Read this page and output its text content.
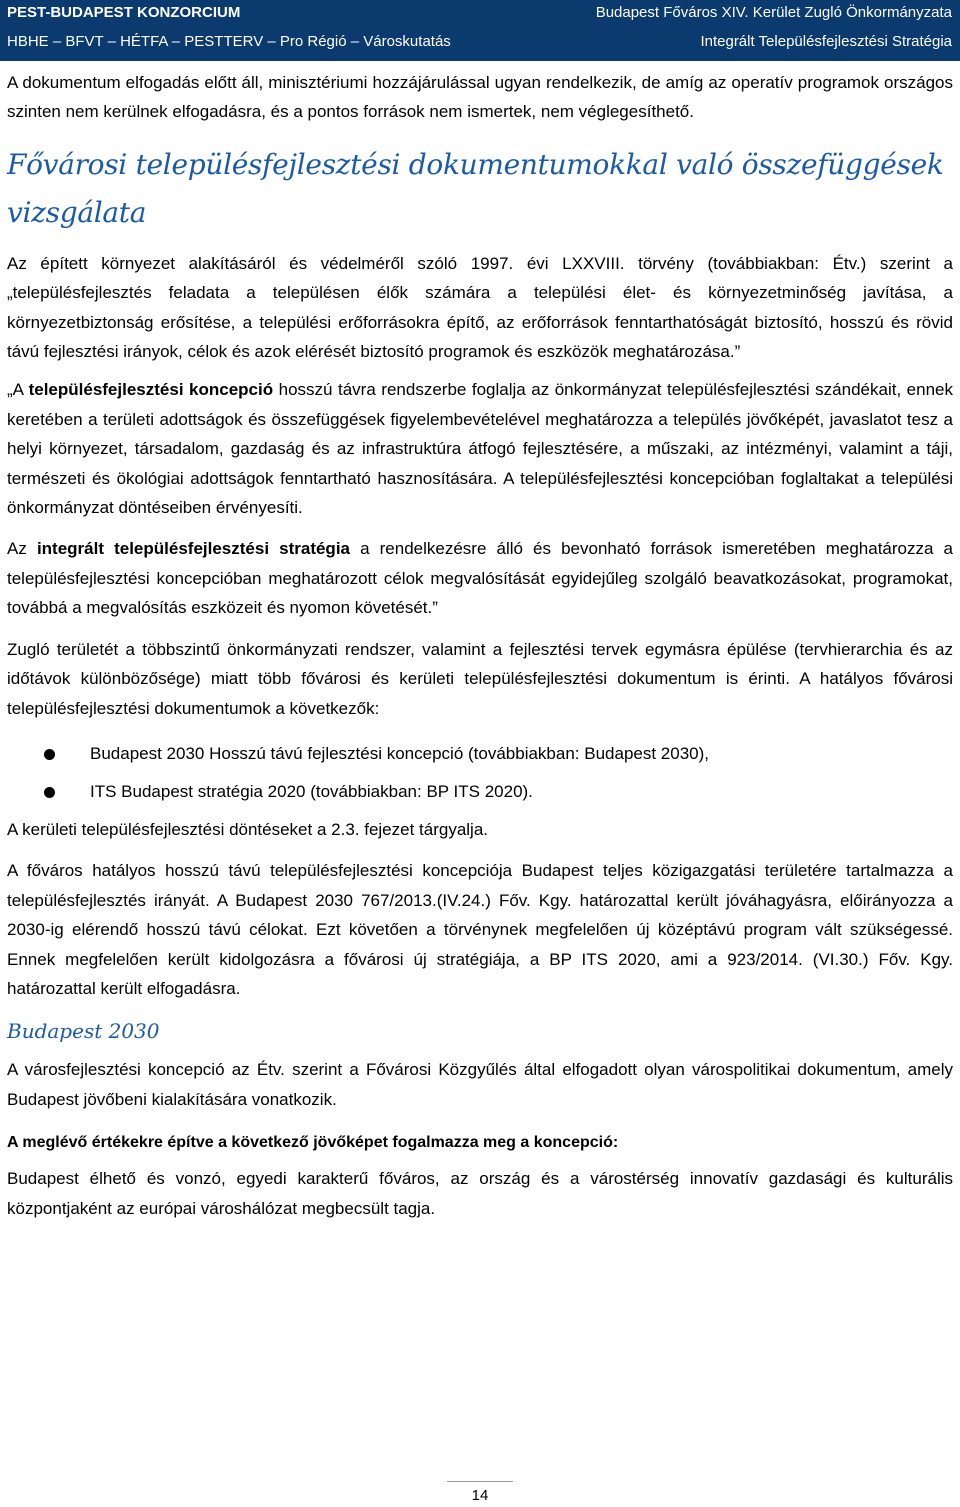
PEST-BUDAPEST KONZORCIUM	Budapest Főváros XIV. Kerület Zugló Önkormányzata
HBHE – BFVT – HÉTFA – PESTTERV – Pro Régió – Városkutatás	Integrált Településfejlesztési Stratégia

A dokumentum elfogadás előtt áll, minisztériumi hozzájárulással ugyan rendelkezik, de amíg az operatív programok országos szinten nem kerülnek elfogadásra, és a pontos források nem ismertek, nem véglegesíthető.

Fővárosi településfejlesztési dokumentumokkal való összefüggések vizsgálata

Az épített környezet alakításáról és védelméről szóló 1997. évi LXXVIII. törvény (továbbiakban: Étv.) szerint a „településfejlesztés feladata a településen élők számára a települési élet- és környezetminőség javítása, a környezetbiztonság erősítése, a települési erőforrásokra építő, az erőforrások fenntarthatóságát biztosító, hosszú és rövid távú fejlesztési irányok, célok és azok elérését biztosító programok és eszközök meghatározása.”

„A településfejlesztési koncepció hosszú távra rendszerbe foglalja az önkormányzat településfejlesztési szándékait, ennek keretében a területi adottságok és összefüggések figyelembevételével meghatározza a település jövőképét, javaslatot tesz a helyi környezet, társadalom, gazdaság és az infrastruktúra átfogó fejlesztésére, a műszaki, az intézményi, valamint a táji, természeti és ökológiai adottságok fenntartható hasznosítására. A településfejlesztési koncepcióban foglaltakat a települési önkormányzat döntéseiben érvényesíti.

Az integrált településfejlesztési stratégia a rendelkezésre álló és bevonható források ismeretében meghatározza a településfejlesztési koncepcióban meghatározott célok megvalósítását egyidejűleg szolgáló beavatkozásokat, programokat, továbbá a megvalósítás eszközeit és nyomon követését.”

Zugló területét a többszintű önkormányzati rendszer, valamint a fejlesztési tervek egymásra épülése (tervhierarchia és az időtávok különbözősége) miatt több fővárosi és kerületi településfejlesztési dokumentum is érinti. A hatályos fővárosi településfejlesztési dokumentumok a következők:

Budapest 2030 Hosszú távú fejlesztési koncepció (továbbiakban: Budapest 2030),
ITS Budapest stratégia 2020 (továbbiakban: BP ITS 2020).

A kerületi településfejlesztési döntéseket a 2.3. fejezet tárgyalja.

A főváros hatályos hosszú távú településfejlesztési koncepciója Budapest teljes közigazgatási területére tartalmazza a településfejlesztés irányát. A Budapest 2030 767/2013.(IV.24.) Főv. Kgy. határozattal került jóváhagyásra, előirányozza a 2030-ig elérendő hosszú távú célokat. Ezt követően a törvénynek megfelelően új középtávú program vált szükségessé. Ennek megfelelően került kidolgozásra a fővárosi új stratégiája, a BP ITS 2020, ami a 923/2014. (VI.30.) Főv. Kgy. határozattal került elfogadásra.

Budapest 2030

A városfejlesztési koncepció az Étv. szerint a Fővárosi Közgyűlés által elfogadott olyan várospolitikai dokumentum, amely Budapest jövőbeni kialakítására vonatkozik.

A meglévő értékekre építve a következő jövőképet fogalmazza meg a koncepció:

Budapest élhető és vonzó, egyedi karakterű főváros, az ország és a várostérség innovatív gazdasági és kulturális központjaként az európai városhálózat megbecsült tagja.

14
